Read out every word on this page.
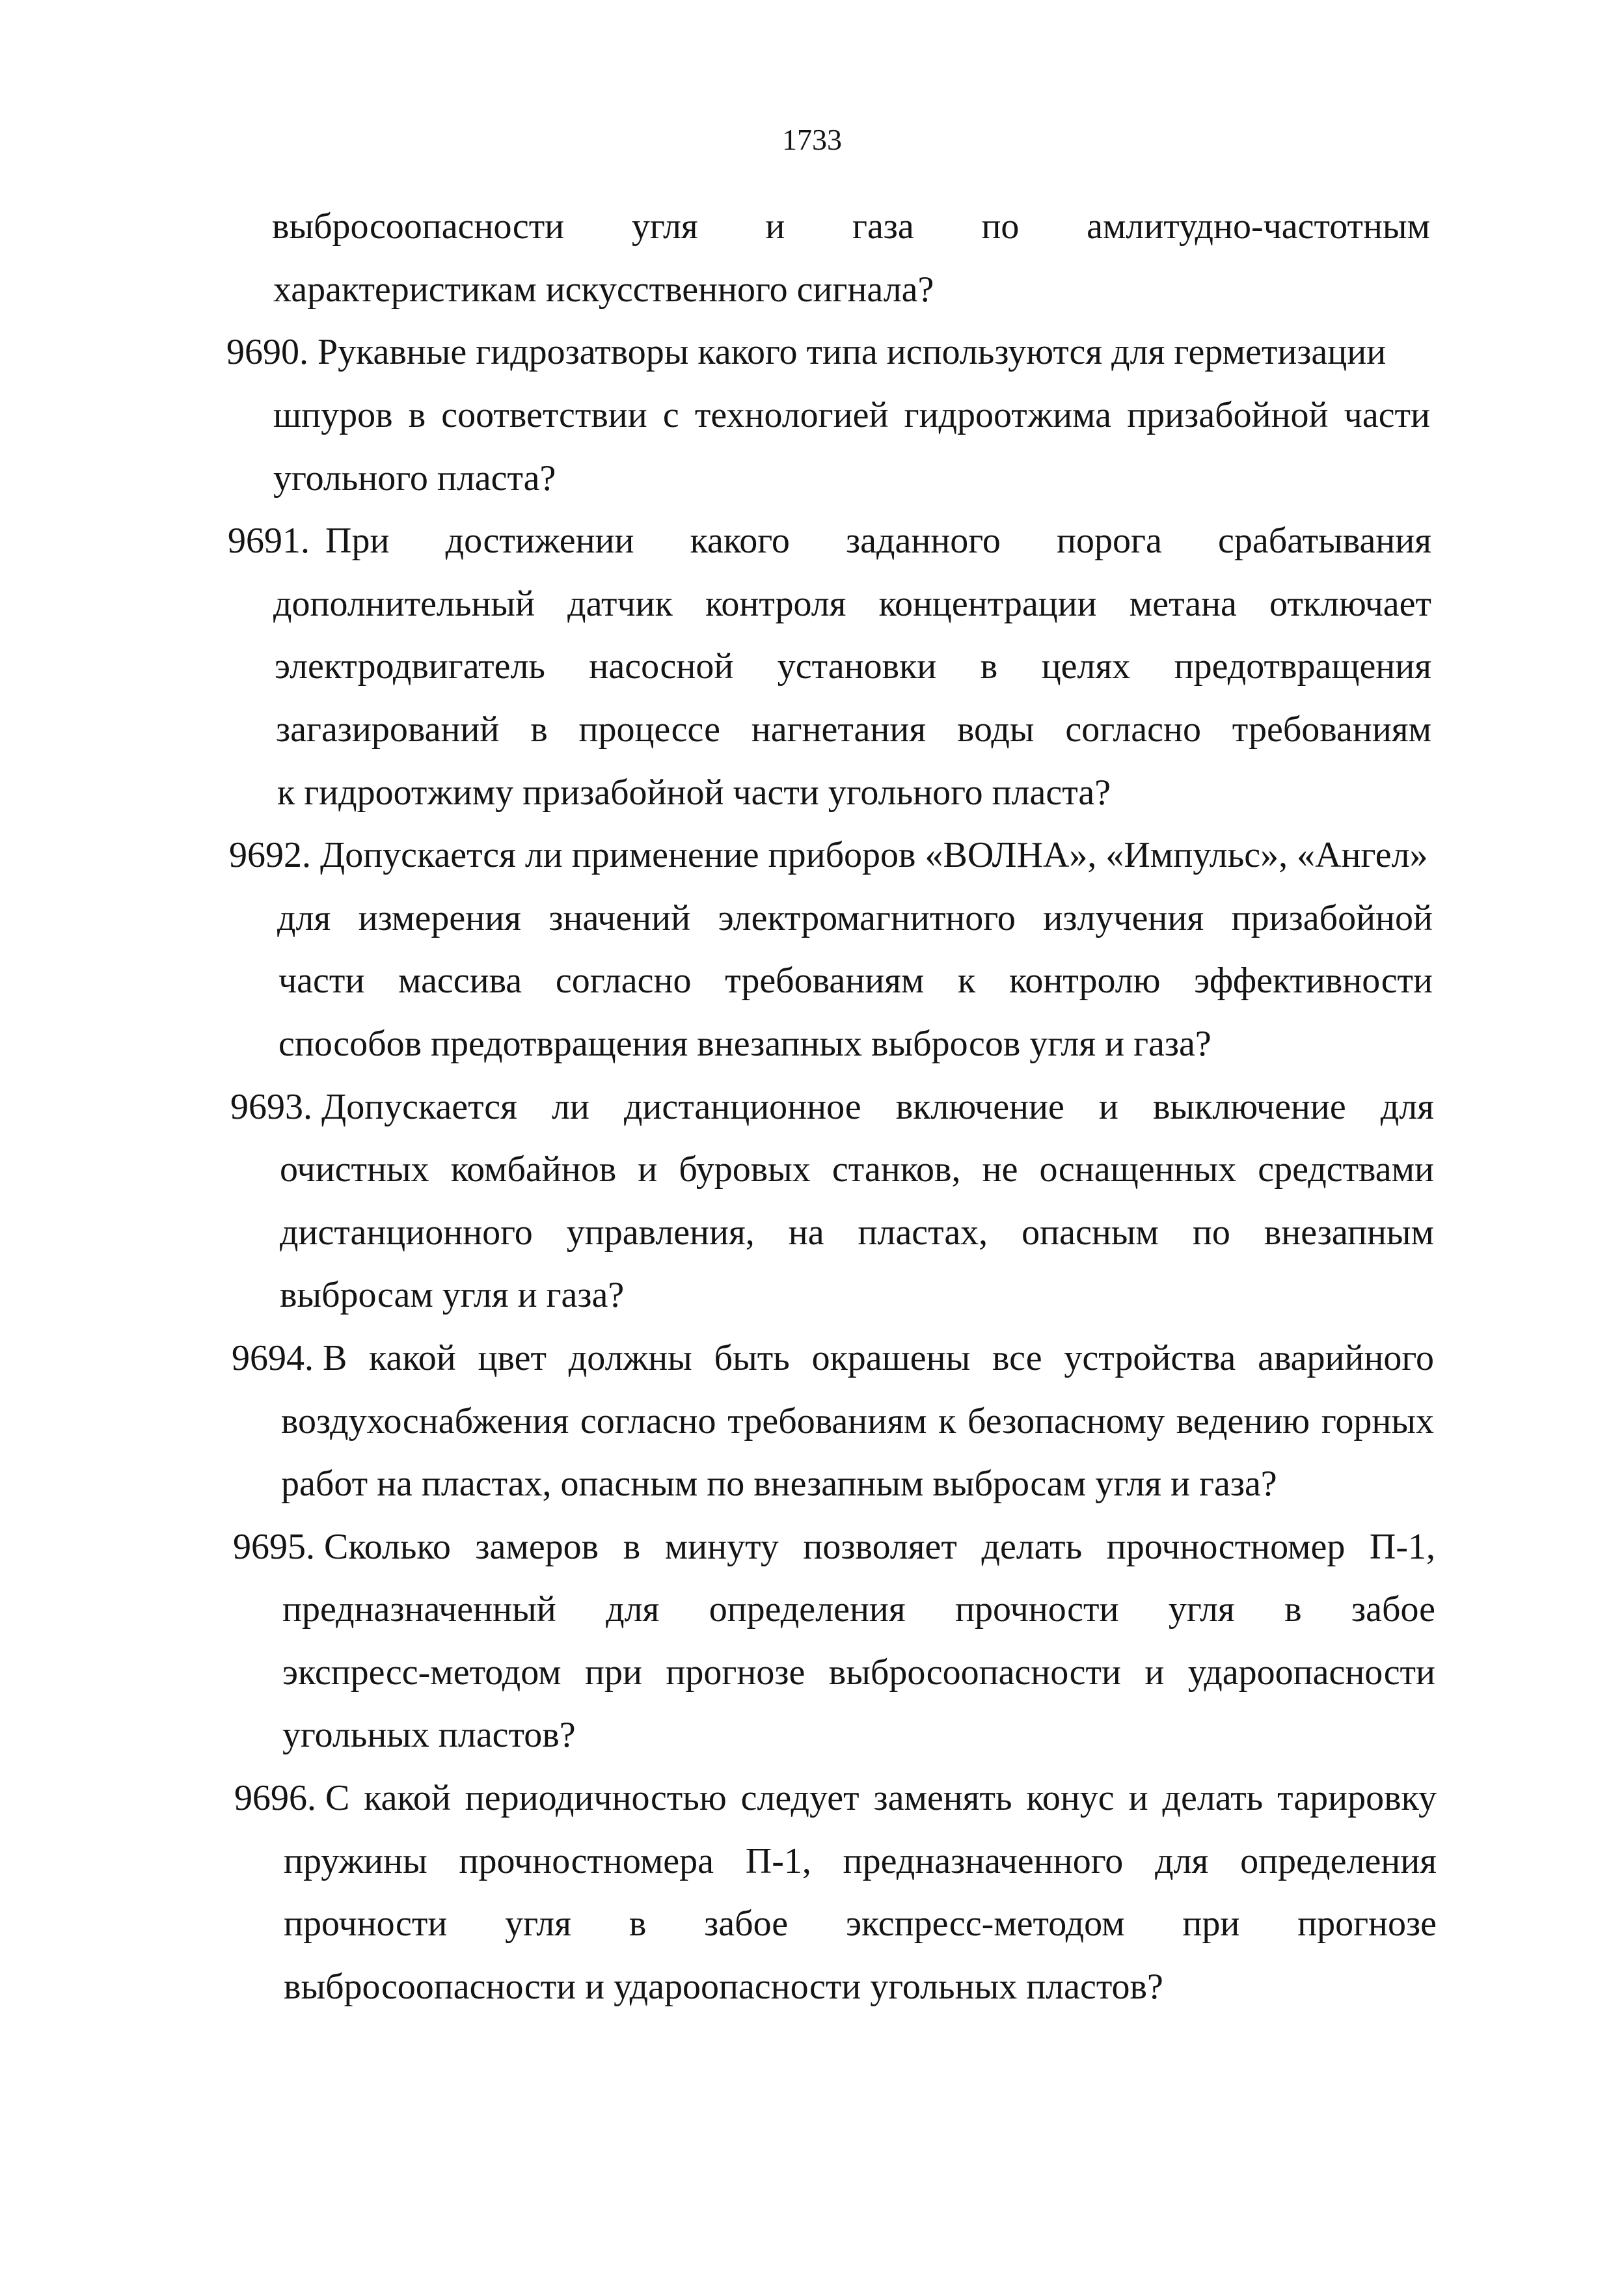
1733
выбросоопасности угля и газа по амлитудно-частотным
характеристикам искусственного сигнала?
9690. Рукавные гидрозатворы какого типа используются для герметизации
шпуров в соответствии с технологией гидроотжима призабойной части
угольного пласта?
9691. При достижении какого заданного порога срабатывания
дополнительный датчик контроля концентрации метана отключает
электродвигатель насосной установки в целях предотвращения
загазирований в процессе нагнетания воды согласно требованиям
к гидроотжиму призабойной части угольного пласта?
9692. Допускается ли применение приборов «ВОЛНА», «Импульс», «Ангел»
для измерения значений электромагнитного излучения призабойной
части массива согласно требованиям к контролю эффективности
способов предотвращения внезапных выбросов угля и газа?
9693. Допускается ли дистанционное включение и выключение для
очистных комбайнов и буровых станков, не оснащенных средствами
дистанционного управления, на пластах, опасным по внезапным
выбросам угля и газа?
9694. В какой цвет должны быть окрашены все устройства аварийного
воздухоснабжения согласно требованиям к безопасному ведению горных
работ на пластах, опасным по внезапным выбросам угля и газа?
9695. Сколько замеров в минуту позволяет делать прочностномер П-1,
предназначенный для определения прочности угля в забое
экспресс-методом при прогнозе выбросоопасности и удароопасности
угольных пластов?
9696. С какой периодичностью следует заменять конус и делать тарировку
пружины прочностномера П-1, предназначенного для определения
прочности угля в забое экспресс-методом при прогнозе
выбросоопасности и удароопасности угольных пластов?
